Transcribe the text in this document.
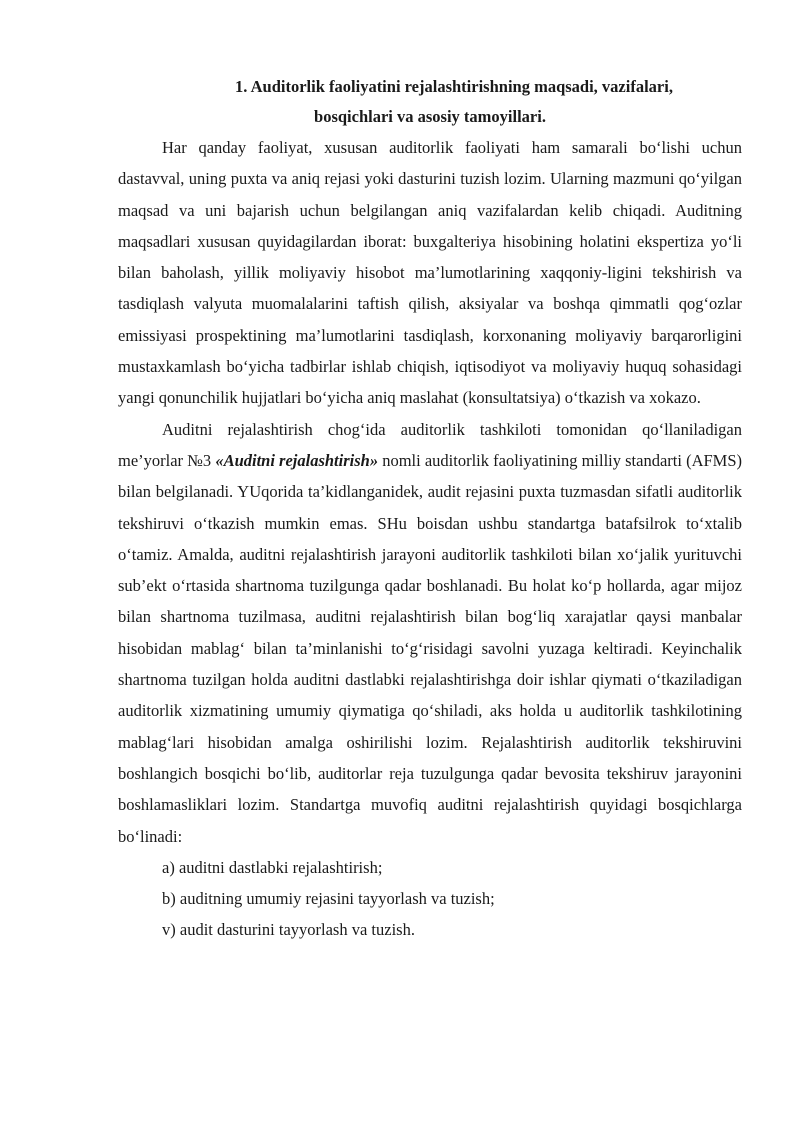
1. Auditorlik faoliyatini rejalashtirishning maqsadi, vazifalari,
bosqichlari va asosiy tamoyillari.

Har qanday faoliyat, xususan auditorlik faoliyati ham samarali bo‘lishi uchun dastavval, uning puxta va aniq rejasi yoki dasturini tuzish lozim. Ularning mazmuni qo‘yilgan maqsad va uni bajarish uchun belgilangan aniq vazifalardan kelib chiqadi. Auditning maqsadlari xususan quyidagilardan iborat: buxgalteriya hisobining holatini ekspertiza yo‘li bilan baholash, yillik moliyaviy hisobot ma’lumotlarining xaqqoniy-ligini tekshirish va tasdiqlash valyuta muomalalarini taftish qilish, aksiyalar va boshqa qimmatli qog‘ozlar emissiyasi prospektining ma’lumotlarini tasdiqlash, korxonaning moliyaviy barqarorligini mustaxkamlash bo‘yicha tadbirlar ishlab chiqish, iqtisodiyot va moliyaviy huquq sohasidagi yangi qonunchilik hujjatlari bo‘yicha aniq maslahat (konsultatsiya) o‘tkazish va xokazo.

Auditni rejalashtirish chog‘ida auditorlik tashkiloti tomonidan qo‘llaniladigan me’yorlar №3 «Auditni rejalashtirish» nomli auditorlik faoliyatining milliy standarti (AFMS) bilan belgilanadi. YUqorida ta’kidlanganidek, audit rejasini puxta tuzmasdan sifatli auditorlik tekshiruvi o‘tkazish mumkin emas. SHu boisdan ushbu standartga batafsilrok to‘xtalib o‘tamiz. Amalda, auditni rejalashtirish jarayoni auditorlik tashkiloti bilan xo‘jalik yurituvchi sub’ekt o‘rtasida shartnoma tuzilgunga qadar boshlanadi. Bu holat ko‘p hollarda, agar mijoz bilan shartnoma tuzilmasa, auditni rejalashtirish bilan bog‘liq xarajatlar qaysi manbalar hisobidan mablag‘ bilan ta’minlanishi to‘g‘risidagi savolni yuzaga keltiradi. Keyinchalik shartnoma tuzilgan holda auditni dastlabki rejalashtirishga doir ishlar qiymati o‘tkaziladigan auditorlik xizmatining umumiy qiymatiga qo‘shiladi, aks holda u auditorlik tashkilotining mablag‘lari hisobidan amalga oshirilishi lozim. Rejalashtirish auditorlik tekshiruvini boshlangich bosqichi bo‘lib, auditorlar reja tuzulgunga qadar bevosita tekshiruv jarayonini boshlamasliklari lozim. Standartga muvofiq auditni rejalashtirish quyidagi bosqichlarga bo‘linadi:

a) auditni dastlabki rejalashtirish;

b) auditning umumiy rejasini tayyorlash va tuzish;

v) audit dasturini tayyorlash va tuzish.
